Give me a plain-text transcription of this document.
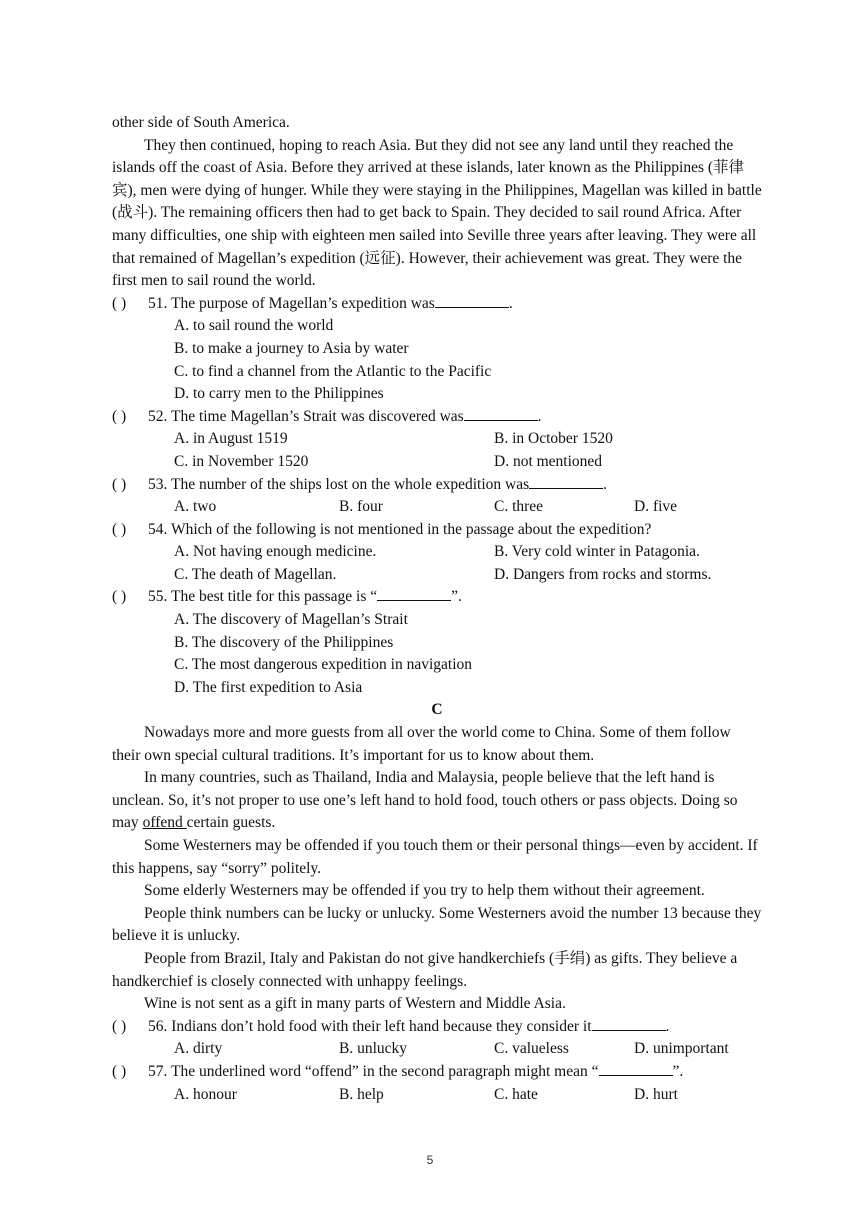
other side of South America.

They then continued, hoping to reach Asia. But they did not see any land until they reached the islands off the coast of Asia. Before they arrived at these islands, later known as the Philippines (菲律宾), men were dying of hunger. While they were staying in the Philippines, Magellan was killed in battle (战斗). The remaining officers then had to get back to Spain. They decided to sail round Africa. After many difficulties, one ship with eighteen men sailed into Seville three years after leaving. They were all that remained of Magellan’s expedition (远征). However, their achievement was great. They were the first men to sail round the world.

( ) 51. The purpose of Magellan’s expedition was	.
A. to sail round the world
B. to make a journey to Asia by water
C. to find a channel from the Atlantic to the Pacific
D. to carry men to the Philippines
( ) 52. The time Magellan’s Strait was discovered was	.
A. in August 1519	B. in October 1520
C. in November 1520	D. not mentioned
( ) 53. The number of the ships lost on the whole expedition was	.
A. two	B. four	C. three	D. five
( ) 54. Which of the following is not mentioned in the passage about the expedition?
A. Not having enough medicine.	B. Very cold winter in Patagonia.
C. The death of Magellan.	D. Dangers from rocks and storms.
( ) 55. The best title for this passage is “	”.
A. The discovery of Magellan’s Strait
B. The discovery of the Philippines
C. The most dangerous expedition in navigation
D. The first expedition to Asia
C

Nowadays more and more guests from all over the world come to China. Some of them follow their own special cultural traditions. It’s important for us to know about them.

In many countries, such as Thailand, India and Malaysia, people believe that the left hand is unclean. So, it’s not proper to use one’s left hand to hold food, touch others or pass objects. Doing so may offend certain guests.

Some Westerners may be offended if you touch them or their personal things—even by accident. If this happens, say “sorry” politely.

Some elderly Westerners may be offended if you try to help them without their agreement.

People think numbers can be lucky or unlucky. Some Westerners avoid the number 13 because they believe it is unlucky.

People from Brazil, Italy and Pakistan do not give handkerchiefs (手绢) as gifts. They believe a handkerchief is closely connected with unhappy feelings.

Wine is not sent as a gift in many parts of Western and Middle Asia.

( ) 56. Indians don’t hold food with their left hand because they consider it	.
A. dirty	B. unlucky	C. valueless	D. unimportant
( ) 57. The underlined word “offend” in the second paragraph might mean “	”.
A. honour	B. help	C. hate	D. hurt
5
